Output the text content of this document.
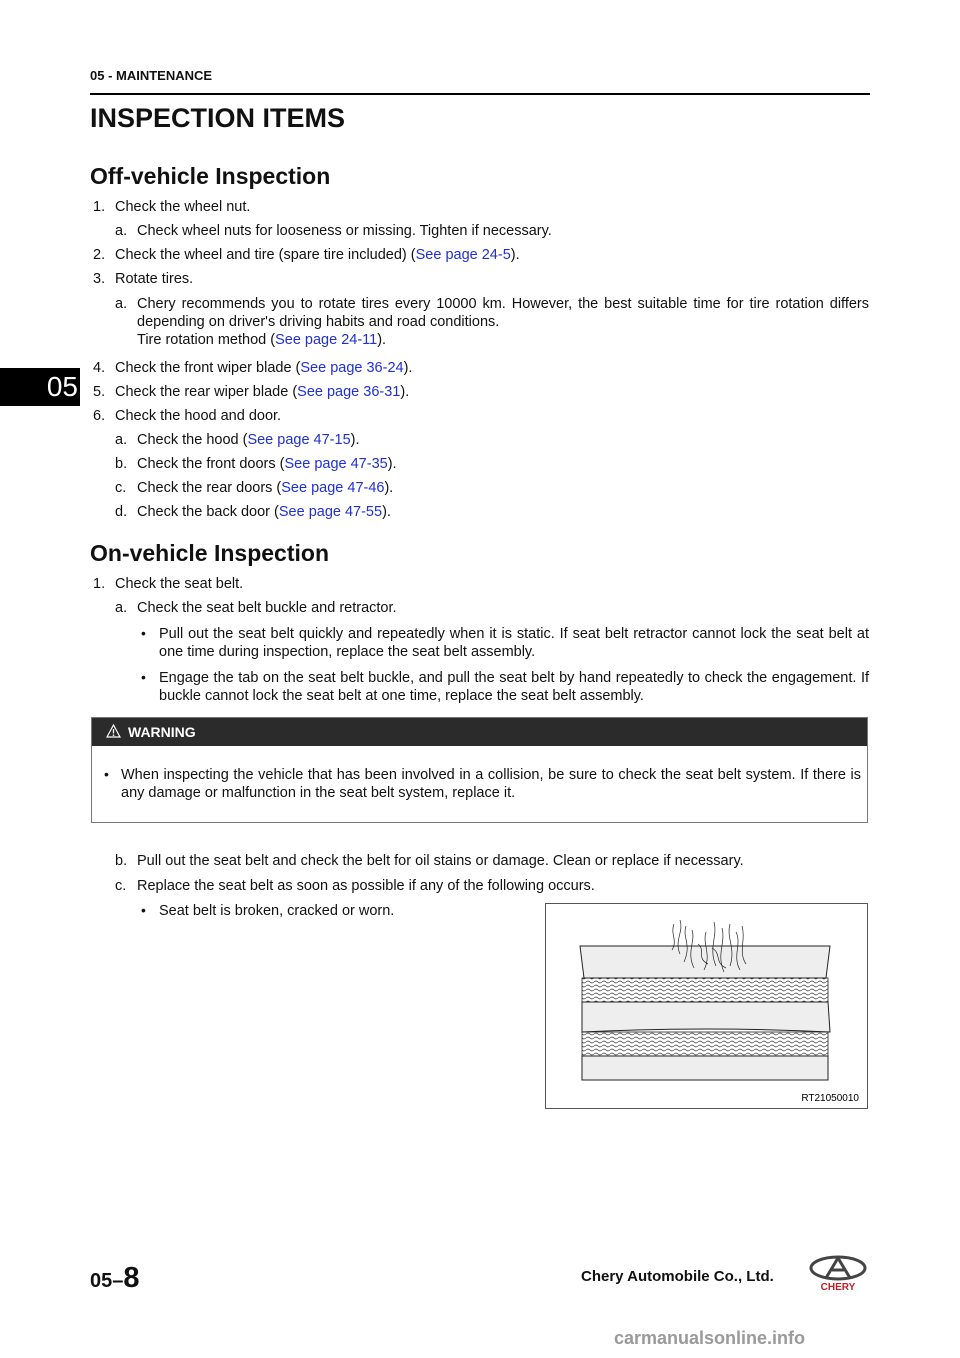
05 - MAINTENANCE
INSPECTION ITEMS
05
Off-vehicle Inspection
1. Check the wheel nut.
a. Check wheel nuts for looseness or missing. Tighten if necessary.
2. Check the wheel and tire (spare tire included) (See page 24-5).
3. Rotate tires.
a. Chery recommends you to rotate tires every 10000 km. However, the best suitable time for tire rotation differs depending on driver's driving habits and road conditions.
Tire rotation method (See page 24-11).
4. Check the front wiper blade (See page 36-24).
5. Check the rear wiper blade (See page 36-31).
6. Check the hood and door.
a. Check the hood (See page 47-15).
b. Check the front doors (See page 47-35).
c. Check the rear doors (See page 47-46).
d. Check the back door (See page 47-55).
On-vehicle Inspection
1. Check the seat belt.
a. Check the seat belt buckle and retractor.
• Pull out the seat belt quickly and repeatedly when it is static. If seat belt retractor cannot lock the seat belt at one time during inspection, replace the seat belt assembly.
• Engage the tab on the seat belt buckle, and pull the seat belt by hand repeatedly to check the engagement. If buckle cannot lock the seat belt at one time, replace the seat belt assembly.
WARNING
• When inspecting the vehicle that has been involved in a collision, be sure to check the seat belt system. If there is any damage or malfunction in the seat belt system, replace it.
b. Pull out the seat belt and check the belt for oil stains or damage. Clean or replace if necessary.
c. Replace the seat belt as soon as possible if any of the following occurs.
• Seat belt is broken, cracked or worn.
RT21050010
05–8	Chery Automobile Co., Ltd.
CHERY
carmanualsonline.info
